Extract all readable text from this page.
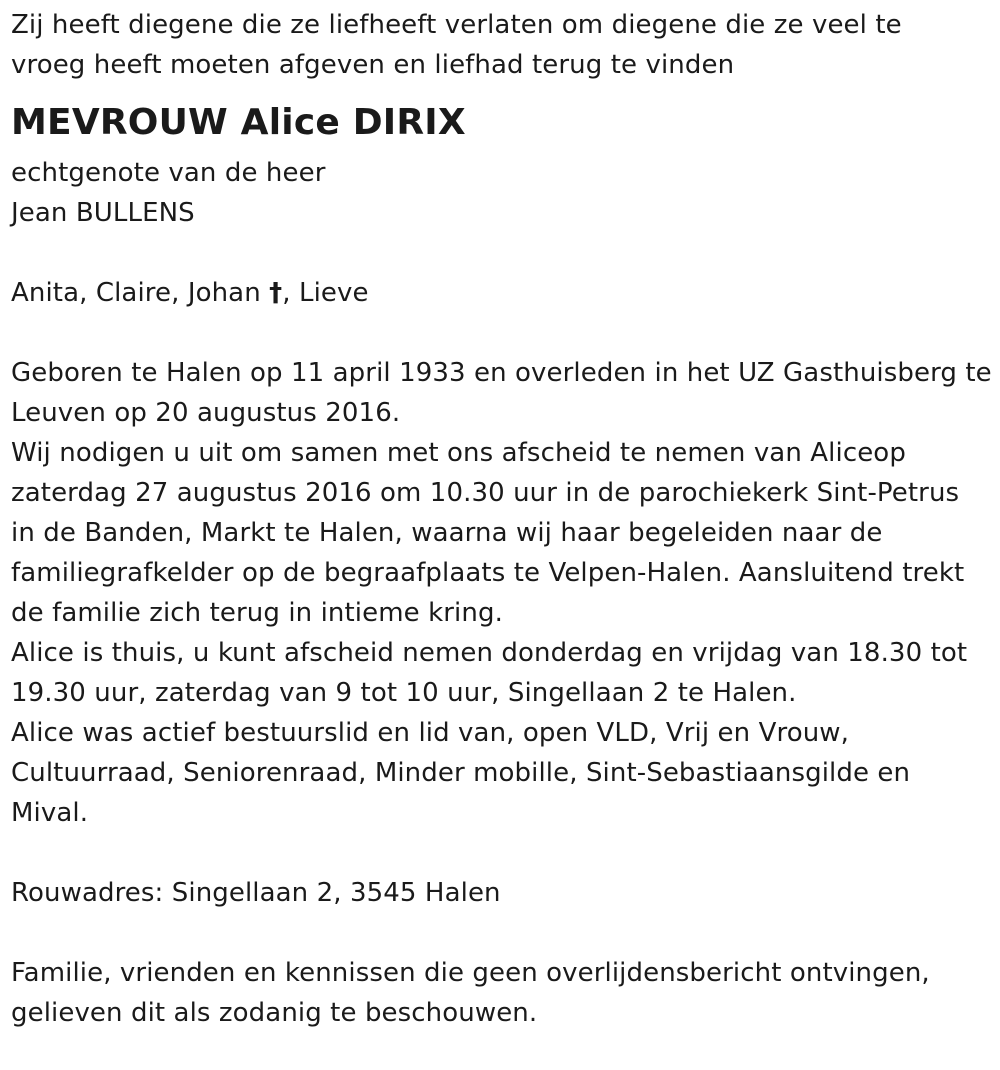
Zij heeft diegene die ze liefheeft verlaten om diegene die ze veel te
vroeg heeft moeten afgeven en liefhad terug te vinden
MEVROUW Alice DIRIX
echtgenote van de heer
Jean BULLENS
Anita, Claire, Johan †, Lieve
Geboren te Halen op 11 april 1933 en overleden in het UZ Gasthuisberg te
Leuven op 20 augustus 2016.
Wij nodigen u uit om samen met ons afscheid te nemen van Aliceop
zaterdag 27 augustus 2016 om 10.30 uur in de parochiekerk Sint-Petrus
in de Banden, Markt te Halen, waarna wij haar begeleiden naar de
familiegrafkelder op de begraafplaats te Velpen-Halen. Aansluitend trekt
de familie zich terug in intieme kring.
Alice is thuis, u kunt afscheid nemen donderdag en vrijdag van 18.30 tot
19.30 uur, zaterdag van 9 tot 10 uur, Singellaan 2 te Halen.
Alice was actief bestuurslid en lid van, open VLD, Vrij en Vrouw,
Cultuurraad, Seniorenraad, Minder mobille, Sint-Sebastiaansgilde en
Mival.
Rouwadres: Singellaan 2, 3545 Halen
Familie, vrienden en kennissen die geen overlijdensbericht ontvingen,
gelieven dit als zodanig te beschouwen.
